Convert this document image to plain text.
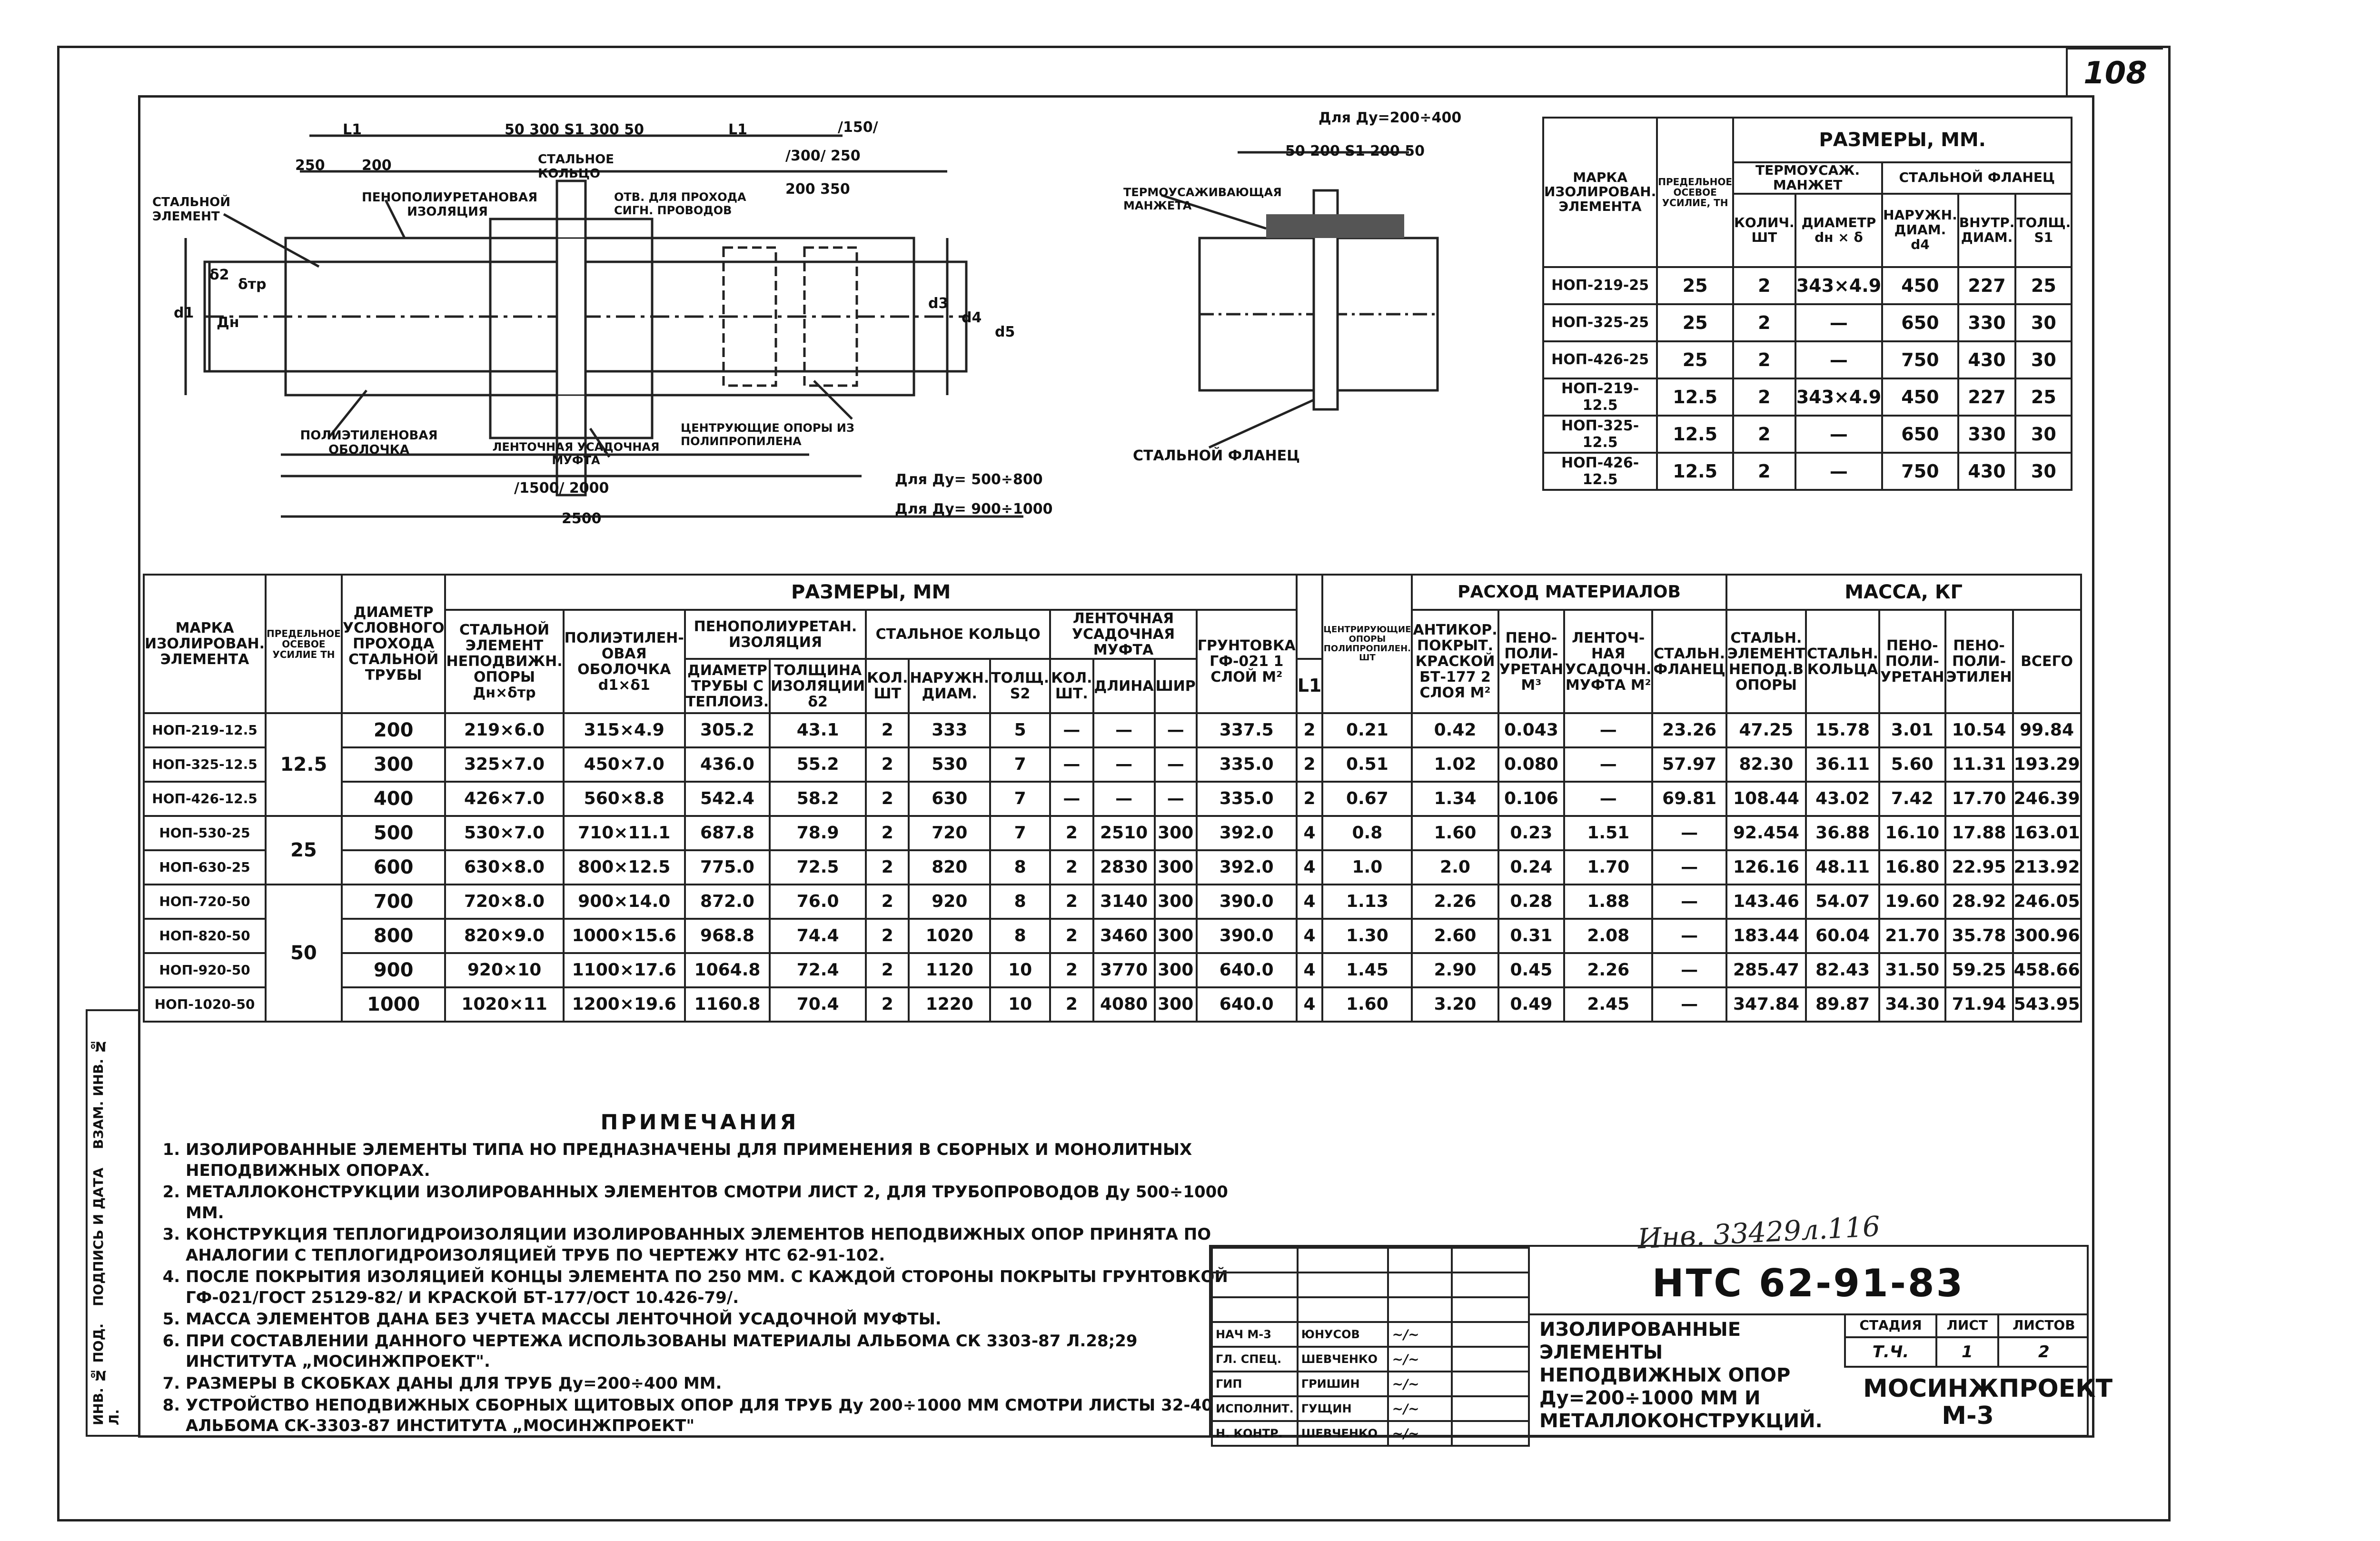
108
ИНВ. № ПОД. Л.
ПОДПИСЬ И ДАТА
ВЗАМ. ИНВ. №
L1	50 300 S1 300 50	L1	/150/
/300/ 250
200 350
250	200
СТАЛЬНОЙ ЭЛЕМЕНТ
ПЕНОПОЛИУРЕТАНОВАЯ ИЗОЛЯЦИЯ
СТАЛЬНОЕ КОЛЬЦО
ОТВ. ДЛЯ ПРОХОДА СИГН. ПРОВОДОВ
ПОЛИЭТИЛЕНОВАЯ ОБОЛОЧКА	ЛЕНТОЧНАЯ УСАДОЧНАЯ МУФТА
ЦЕНТРУЮЩИЕ ОПОРЫ ИЗ ПОЛИПРОПИЛЕНА
/1500/ 2000
2500
Для Ду= 500÷800
Для Ду= 900÷1000
d1
δ2
Дн
δтр
d3
d4
d5
Для Ду=200÷400
50 200 S1 200 50
ТЕРМОУСАЖИВАЮЩАЯ МАНЖЕТА
СТАЛЬНОЙ ФЛАНЕЦ
МАРКА ИЗОЛИРОВАН. ЭЛЕМЕНТА	ПРЕДЕЛЬНОЕ ОСЕВОЕ УСИЛИЕ, ТН	РАЗМЕРЫ, ММ.				
		ТЕРМОУСАЖ. МАНЖЕТ		СТАЛЬНОЙ ФЛАНЕЦ		
		КОЛИЧ. ШТ	ДИАМЕТР dн × δ	НАРУЖН. ДИАМ. d4	ВНУТР. ДИАМ.	ТОЛЩ. S1
НОП-219-25	25	2	343×4.9	450	227	25
НОП-325-25	25	2	—	650	330	30
НОП-426-25	25	2	—	750	430	30
НОП-219-12.5	12.5	2	343×4.9	450	227	25
НОП-325-12.5	12.5	2	—	650	330	30
НОП-426-12.5	12.5	2	—	750	430	30
МАРКА ИЗОЛИРОВАН. ЭЛЕМЕНТА	ПРЕДЕЛЬНОЕ ОСЕВОЕ УСИЛИЕ ТН	ДИАМЕТР УСЛОВНОГО ПРОХОДА СТАЛЬНОЙ ТРУБЫ	РАЗМЕРЫ, ММ												ЦЕНТРИРУЮЩИЕ ОПОРЫ ПОЛИПРОПИЛЕН. ШТ	РАСХОД МАТЕРИАЛОВ				МАССА, КГ				
			СТАЛЬНОЙ ЭЛЕМЕНТ НЕПОДВИЖН. ОПОРЫ Дн×δтр	ПОЛИЭТИЛЕН-ОВАЯ ОБОЛОЧКА d1×δ1	ПЕНОПОЛИУРЕТАН. ИЗОЛЯЦИЯ		СТАЛЬНОЕ КОЛЬЦО			ЛЕНТОЧНАЯ УСАДОЧНАЯ МУФТА			ГРУНТОВКА ГФ-021 1 СЛОЙ М²			АНТИКОР. ПОКРЫТ. КРАСКОЙ БТ-177 2 СЛОЯ М²	ПЕНО-ПОЛИ-УРЕТАН М³	ЛЕНТОЧ-НАЯ УСАДОЧН. МУФТА М²	СТАЛЬН. ФЛАНЕЦ	СТАЛЬН. ЭЛЕМЕНТ НЕПОД.В ОПОРЫ	СТАЛЬН. КОЛЬЦА	ПЕНО-ПОЛИ-УРЕТАН	ПЕНО-ПОЛИ-ЭТИЛЕН	ВСЕГО
					ДИАМЕТР ТРУБЫ С ТЕПЛОИЗ.	ТОЛЩИНА ИЗОЛЯЦИИ δ2	КОЛ. ШТ	НАРУЖН. ДИАМ.	ТОЛЩ. S2	КОЛ. ШТ.	ДЛИНА	ШИР		L1										
НОП-219-12.5	12.5	200	219×6.0	315×4.9	305.2	43.1	2	333	5	—	—	—	337.5	2	0.21	0.42	0.043	—	23.26	47.25	15.78	3.01	10.54	99.84
НОП-325-12.5		300	325×7.0	450×7.0	436.0	55.2	2	530	7	—	—	—	335.0	2	0.51	1.02	0.080	—	57.97	82.30	36.11	5.60	11.31	193.29
НОП-426-12.5		400	426×7.0	560×8.8	542.4	58.2	2	630	7	—	—	—	335.0	2	0.67	1.34	0.106	—	69.81	108.44	43.02	7.42	17.70	246.39
НОП-530-25	25	500	530×7.0	710×11.1	687.8	78.9	2	720	7	2	2510	300	392.0	4	0.8	1.60	0.23	1.51	—	92.454	36.88	16.10	17.88	163.01
НОП-630-25		600	630×8.0	800×12.5	775.0	72.5	2	820	8	2	2830	300	392.0	4	1.0	2.0	0.24	1.70	—	126.16	48.11	16.80	22.95	213.92
НОП-720-50	50	700	720×8.0	900×14.0	872.0	76.0	2	920	8	2	3140	300	390.0	4	1.13	2.26	0.28	1.88	—	143.46	54.07	19.60	28.92	246.05
НОП-820-50		800	820×9.0	1000×15.6	968.8	74.4	2	1020	8	2	3460	300	390.0	4	1.30	2.60	0.31	2.08	—	183.44	60.04	21.70	35.78	300.96
НОП-920-50		900	920×10	1100×17.6	1064.8	72.4	2	1120	10	2	3770	300	640.0	4	1.45	2.90	0.45	2.26	—	285.47	82.43	31.50	59.25	458.66
НОП-1020-50		1000	1020×11	1200×19.6	1160.8	70.4	2	1220	10	2	4080	300	640.0	4	1.60	3.20	0.49	2.45	—	347.84	89.87	34.30	71.94	543.95
ПРИМЕЧАНИЯ
1. ИЗОЛИРОВАННЫЕ ЭЛЕМЕНТЫ ТИПА НО ПРЕДНАЗНАЧЕНЫ ДЛЯ ПРИМЕНЕНИЯ В СБОРНЫХ И МОНОЛИТНЫХ НЕПОДВИЖНЫХ ОПОРАХ.
2. МЕТАЛЛОКОНСТРУКЦИИ ИЗОЛИРОВАННЫХ ЭЛЕМЕНТОВ СМОТРИ ЛИСТ 2, ДЛЯ ТРУБОПРОВОДОВ Ду 500÷1000 ММ.
3. КОНСТРУКЦИЯ ТЕПЛОГИДРОИЗОЛЯЦИИ ИЗОЛИРОВАННЫХ ЭЛЕМЕНТОВ НЕПОДВИЖНЫХ ОПОР ПРИНЯТА ПО АНАЛОГИИ С ТЕПЛОГИДРОИЗОЛЯЦИЕЙ ТРУБ ПО ЧЕРТЕЖУ НТС 62-91-102.
4. ПОСЛЕ ПОКРЫТИЯ ИЗОЛЯЦИЕЙ КОНЦЫ ЭЛЕМЕНТА ПО 250 ММ. С КАЖДОЙ СТОРОНЫ ПОКРЫТЫ ГРУНТОВКОЙ ГФ-021/ГОСТ 25129-82/ И КРАСКОЙ БТ-177/ОСТ 10.426-79/.
5. МАССА ЭЛЕМЕНТОВ ДАНА БЕЗ УЧЕТА МАССЫ ЛЕНТОЧНОЙ УСАДОЧНОЙ МУФТЫ.
6. ПРИ СОСТАВЛЕНИИ ДАННОГО ЧЕРТЕЖА ИСПОЛЬЗОВАНЫ МАТЕРИАЛЫ АЛЬБОМА СК 3303-87 Л.28;29 ИНСТИТУТА „МОСИНЖПРОЕКТ".
7. РАЗМЕРЫ В СКОБКАХ ДАНЫ ДЛЯ ТРУБ Ду=200÷400 ММ.
8. УСТРОЙСТВО НЕПОДВИЖНЫХ СБОРНЫХ ЩИТОВЫХ ОПОР ДЛЯ ТРУБ Ду 200÷1000 ММ СМОТРИ ЛИСТЫ 32-40 АЛЬБОМА СК-3303-87 ИНСТИТУТА „МОСИНЖПРОЕКТ"
Инв. 33429л.116

НАЧ М-3	ЮНУСОВ	~/~	
ГЛ. СПЕЦ.	ШЕВЧЕНКО	~/~	
ГИП	ГРИШИН	~/~	
ИСПОЛНИТ.	ГУЩИН	~/~	
Н. КОНТР.	ШЕВЧЕНКО	~/~	
НТС 62-91-83
ИЗОЛИРОВАННЫЕ ЭЛЕМЕНТЫ НЕПОДВИЖНЫХ ОПОР Ду=200÷1000 ММ И МЕТАЛЛОКОНСТРУКЦИЙ.
СТАДИЯ	ЛИСТ	ЛИСТОВ
Т.Ч.	1	2
МОСИНЖПРОЕКТ М-3
